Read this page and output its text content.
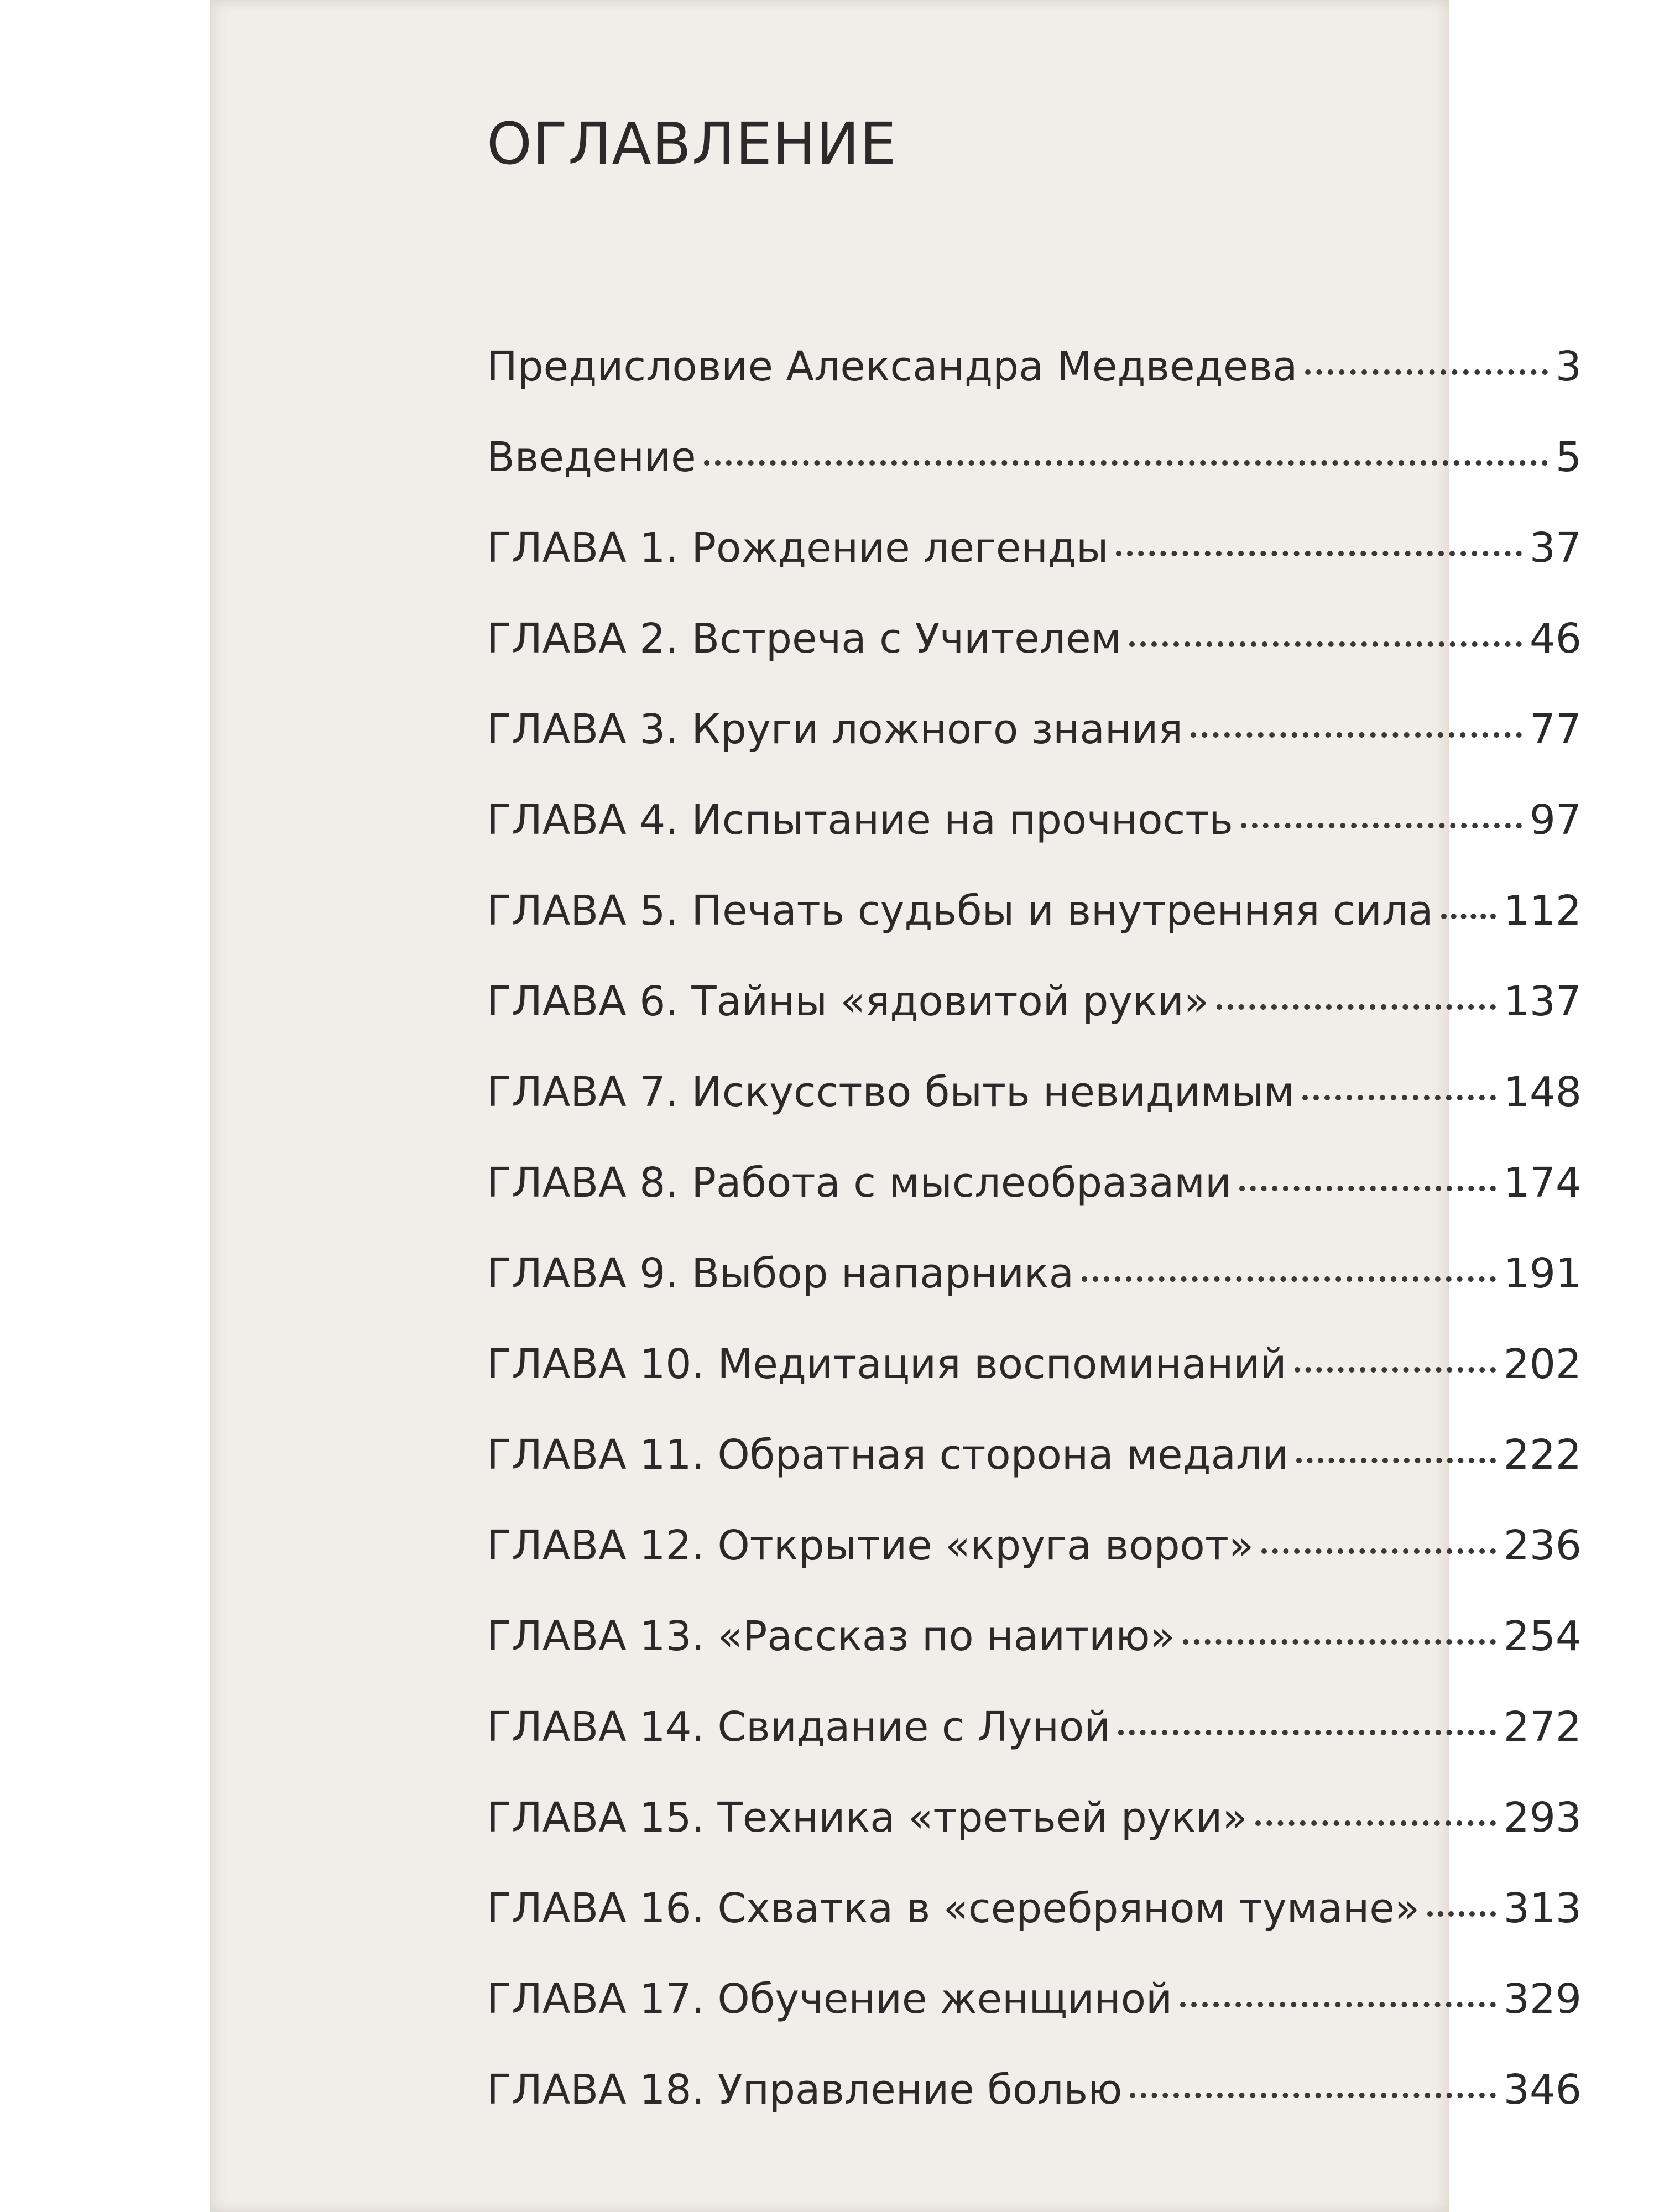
ОГЛАВЛЕНИЕ
Предисловие Александра Медведева	3
Введение	5
ГЛАВА 1. Рождение легенды	37
ГЛАВА 2. Встреча с Учителем	46
ГЛАВА 3. Круги ложного знания	77
ГЛАВА 4. Испытание на прочность	97
ГЛАВА 5. Печать судьбы и внутренняя сила 112
ГЛАВА 6. Тайны «ядовитой руки»	137
ГЛАВА 7. Искусство быть невидимым	148
ГЛАВА 8. Работа с мыслеобразами	174
ГЛАВА 9. Выбор напарника	191
ГЛАВА 10. Медитация воспоминаний	202
ГЛАВА 11. Обратная сторона медали	222
ГЛАВА 12. Открытие «круга ворот»	236
ГЛАВА 13. «Рассказ по наитию»	254
ГЛАВА 14. Свидание с Луной	272
ГЛАВА 15. Техника «третьей руки»	293
ГЛАВА 16. Схватка в «серебряном тумане» 313
ГЛАВА 17. Обучение женщиной	329
ГЛАВА 18. Управление болью	346
